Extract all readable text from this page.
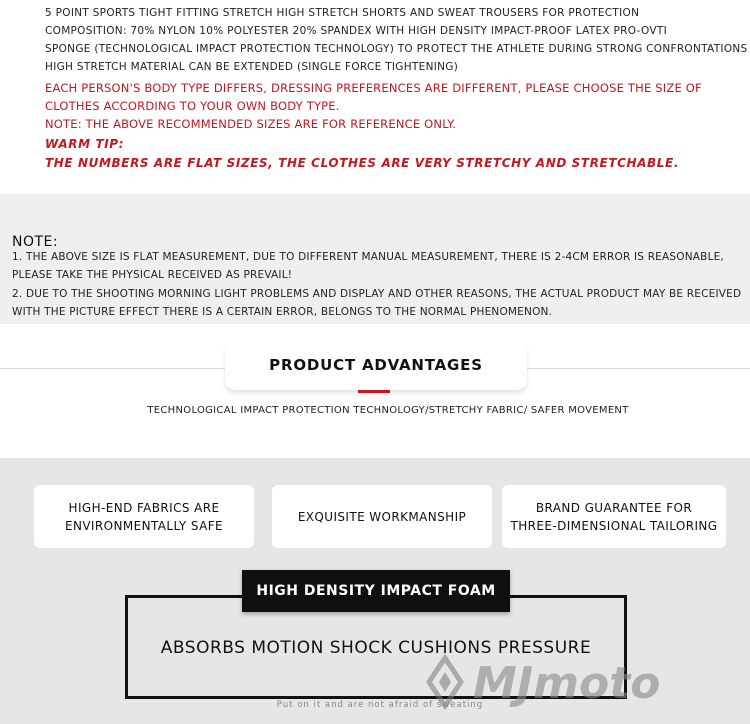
5 POINT SPORTS TIGHT FITTING STRETCH HIGH STRETCH SHORTS AND SWEAT TROUSERS FOR PROTECTION
COMPOSITION: 70% NYLON 10% POLYESTER 20% SPANDEX WITH HIGH DENSITY IMPACT-PROOF LATEX PRO-OVTI
SPONGE (TECHNOLOGICAL IMPACT PROTECTION TECHNOLOGY) TO PROTECT THE ATHLETE DURING STRONG CONFRONTATIONS
HIGH STRETCH MATERIAL CAN BE EXTENDED (SINGLE FORCE TIGHTENING)
EACH PERSON'S BODY TYPE DIFFERS, DRESSING PREFERENCES ARE DIFFERENT, PLEASE CHOOSE THE SIZE OF
CLOTHES ACCORDING TO YOUR OWN BODY TYPE.
NOTE: THE ABOVE RECOMMENDED SIZES ARE FOR REFERENCE ONLY.
WARM TIP:
THE NUMBERS ARE FLAT SIZES, THE CLOTHES ARE VERY STRETCHY AND STRETCHABLE.
NOTE:
1. THE ABOVE SIZE IS FLAT MEASUREMENT, DUE TO DIFFERENT MANUAL MEASUREMENT, THERE IS 2-4CM ERROR IS REASONABLE,
PLEASE TAKE THE PHYSICAL RECEIVED AS PREVAIL!
2. DUE TO THE SHOOTING MORNING LIGHT PROBLEMS AND DISPLAY AND OTHER REASONS, THE ACTUAL PRODUCT MAY BE RECEIVED
WITH THE PICTURE EFFECT THERE IS A CERTAIN ERROR, BELONGS TO THE NORMAL PHENOMENON.
PRODUCT ADVANTAGES
TECHNOLOGICAL IMPACT PROTECTION TECHNOLOGY/STRETCHY FABRIC/ SAFER MOVEMENT
HIGH-END FABRICS ARE
ENVIRONMENTALLY SAFE
EXQUISITE WORKMANSHIP
BRAND GUARANTEE FOR
THREE-DIMENSIONAL TAILORING
HIGH DENSITY IMPACT FOAM
ABSORBS MOTION SHOCK CUSHIONS PRESSURE
MJmoto
Put on it and are not afraid of sweating
